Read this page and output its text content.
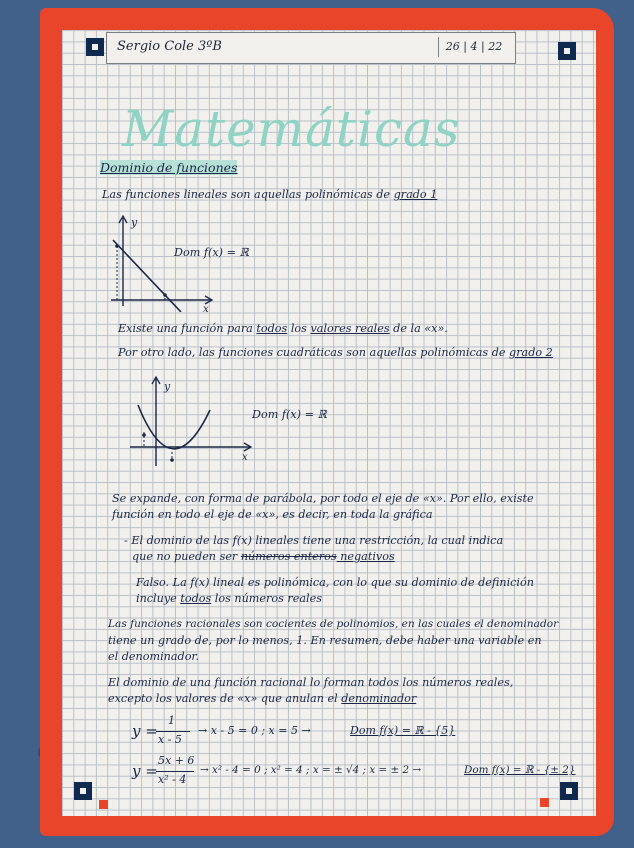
Sergio Cole 3ºB	26 | 4 | 22
Matemáticas
Dominio de funciones
Las funciones lineales son aquellas polinómicas de grado 1
y
x
Dom f(x) = ℝ
Existe una función para todos los valores reales de la «x».
Por otro lado, las funciones cuadráticas son aquellas polinómicas de grado 2
y
x
Dom f(x) = ℝ
Se expande, con forma de parábola, por todo el eje de «x». Por ello, existe
función en todo el eje de «x», es decir, en toda la gráfica
- El dominio de las f(x) lineales tiene una restricción, la cual indica
que no pueden ser números enteros negativos
Falso. La f(x) lineal es polinómica, con lo que su dominio de definición
incluye todos los números reales
Las funciones racionales son cocientes de polinomios, en las cuales el denominador
tiene un grado de, por lo menos, 1. En resumen, debe haber una variable en
el denominador.
El dominio de una función racional lo forman todos los números reales,
excepto los valores de «x» que anulan el denominador
y =
1
x - 5
→ x - 5 = 0 ; x = 5 →	Dom f(x) = ℝ - {5}
y =
5x + 6
x² - 4
→ x² - 4 = 0 ; x² = 4 ; x = ± √4 ; x = ± 2 →	Dom f(x) = ℝ - {± 2}
